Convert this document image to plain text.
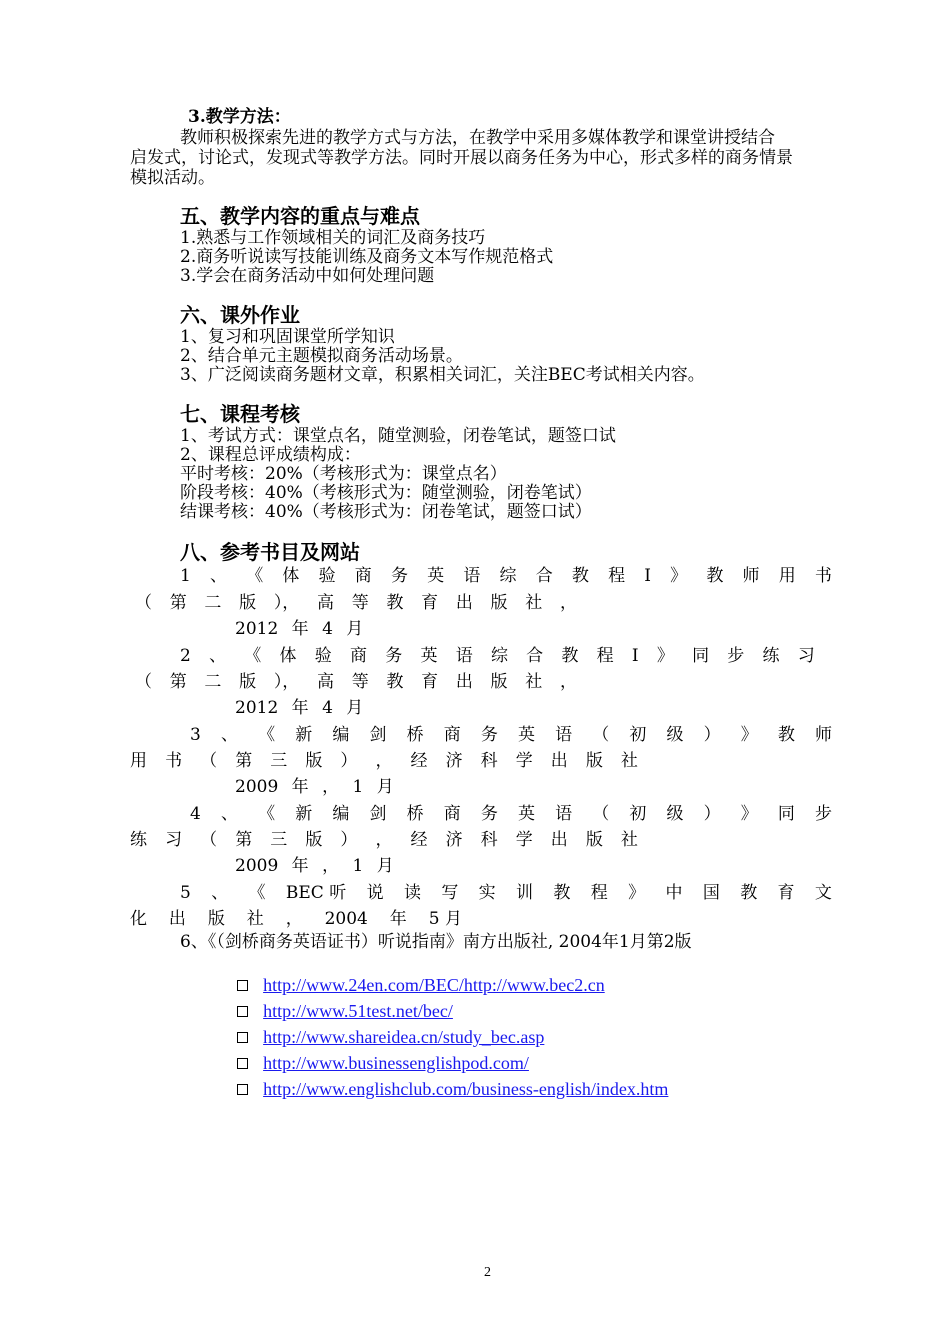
3.教学方法：
教师积极探索先进的教学方式与方法，在教学中采用多媒体教学和课堂讲授结合
启发式，讨论式，发现式等教学方法。同时开展以商务任务为中心，形式多样的商务情景
模拟活动。
五、教学内容的重点与难点
1.熟悉与工作领域相关的词汇及商务技巧
2.商务听说读写技能训练及商务文本写作规范格式
3.学会在商务活动中如何处理问题
六、课外作业
1、复习和巩固课堂所学知识
2、结合单元主题模拟商务活动场景。
3、广泛阅读商务题材文章，积累相关词汇，关注BEC考试相关内容。
七、课程考核
1、考试方式：课堂点名，随堂测验，闭卷笔试，题签口试
2、课程总评成绩构成：
平时考核：20%（考核形式为：课堂点名）
阶段考核：40%（考核形式为：随堂测验，闭卷笔试）
结课考核：40%（考核形式为：闭卷笔试，题签口试）
八、参考书目及网站
1 、 《 体 验 商 务 英 语 综 合 教 程 I 》 教 师 用 书
（ 第 二 版 ）， 高 等 教 育 出 版 社 ，
2012 年 4 月
2 、 《 体 验 商 务 英 语 综 合 教 程 I 》 同 步 练 习
（ 第 二 版 ）， 高 等 教 育 出 版 社 ，
2012 年 4 月
3 、 《 新 编 剑 桥 商 务 英 语 （ 初 级 ） 》 教 师
用 书 （ 第 三 版 ） ， 经 济 科 学 出 版 社
2009 年 ， 1 月
4 、 《 新 编 剑 桥 商 务 英 语 （ 初 级 ） 》 同 步
练 习 （ 第 三 版 ） ， 经 济 科 学 出 版 社
2009 年 ， 1 月
5 、 《 BEC 听 说 读 写 实 训 教 程 》 中 国 教 育 文
化 出 版 社 ， 2004 年 5 月
6、《（剑桥商务英语证书）听说指南》南方出版社, 2004年1月第2版
http://www.24en.com/BEC/http://www.bec2.cn
http://www.51test.net/bec/
http://www.shareidea.cn/study_bec.asp
http://www.businessenglishpod.com/
http://www.englishclub.com/business-english/index.htm
2
